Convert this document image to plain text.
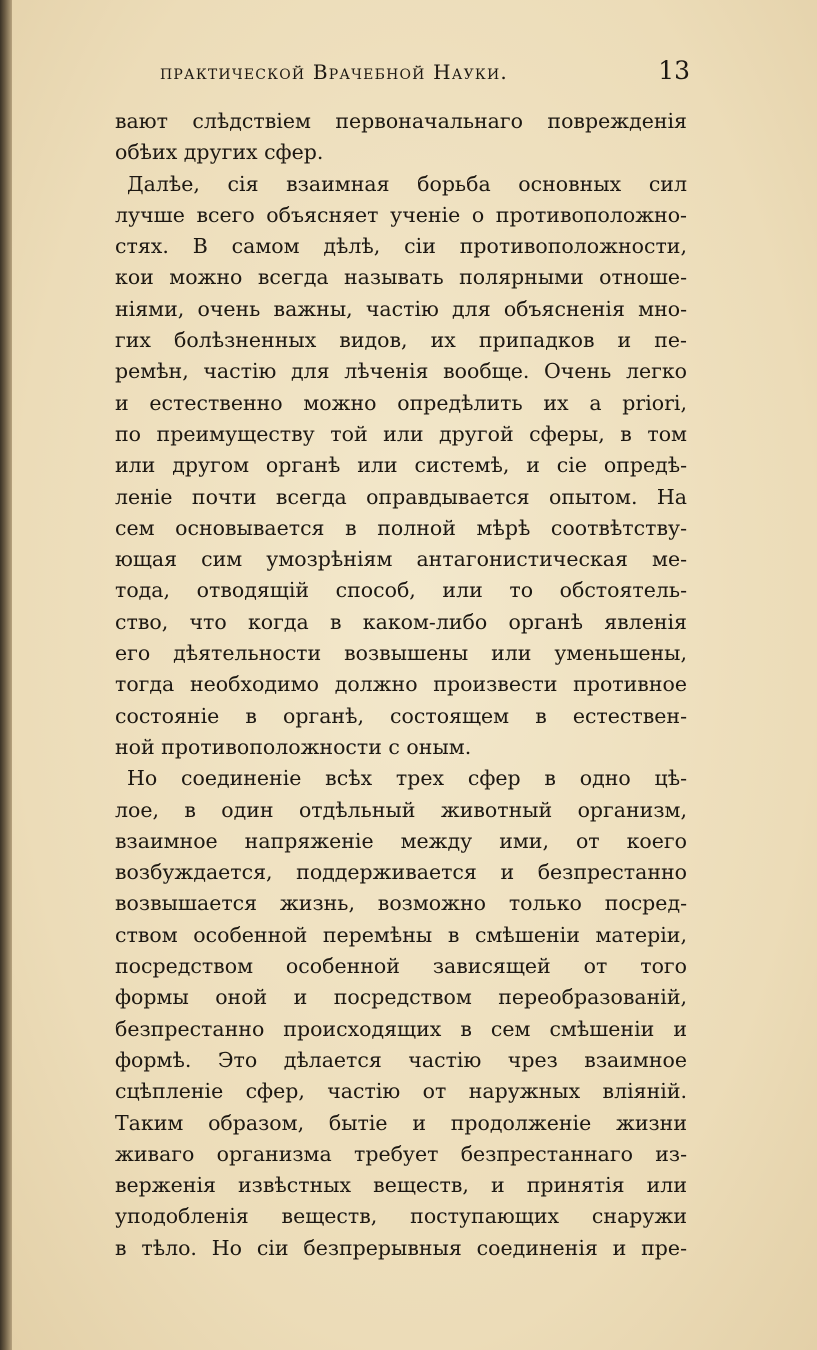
практической Врачебной Науки.	13
вают слѣдствіем первоначальнаго поврежденія
обѣих других сфер.
Далѣе, сія взаимная борьба основных сил
лучше всего объясняет ученіе о противоположно-
стях. В самом дѣлѣ, сіи противоположности,
кои можно всегда называть полярными отноше-
ніями, очень важны, частію для объясненія мно-
гих болѣзненных видов, их припадков и пе-
ремѣн, частію для лѣченія вообще. Очень легко
и естественно можно опредѣлить их a priori,
по преимуществу той или другой сферы, в том
или другом органѣ или системѣ, и сіе опредѣ-
леніе почти всегда оправдывается опытом. На
сем основывается в полной мѣрѣ соотвѣтству-
ющая сим умозрѣніям антагонистическая ме-
тода, отводящій способ, или то обстоятель-
ство, что когда в каком-либо органѣ явленія
его дѣятельности возвышены или уменьшены,
тогда необходимо должно произвести противное
состояніе в органѣ, состоящем в естествен-
ной противоположности с оным.
Но соединеніе всѣх трех сфер в одно цѣ-
лое, в один отдѣльный животный организм,
взаимное напряженіе между ими, от коего
возбуждается, поддерживается и безпрестанно
возвышается жизнь, возможно только посред-
ством особенной перемѣны в смѣшеніи матеріи,
посредством особенной зависящей от того
формы оной и посредством переобразованій,
безпрестанно происходящих в сем смѣшеніи и
формѣ. Это дѣлается частію чрез взаимное
сцѣпленіе сфер, частію от наружных вліяній.
Таким образом, бытіе и продолженіе жизни
живаго организма требует безпрестаннаго из-
верженія извѣстных веществ, и принятія или
уподобленія веществ, поступающих снаружи
в тѣло. Но сіи безпрерывныя соединенія и пре-
